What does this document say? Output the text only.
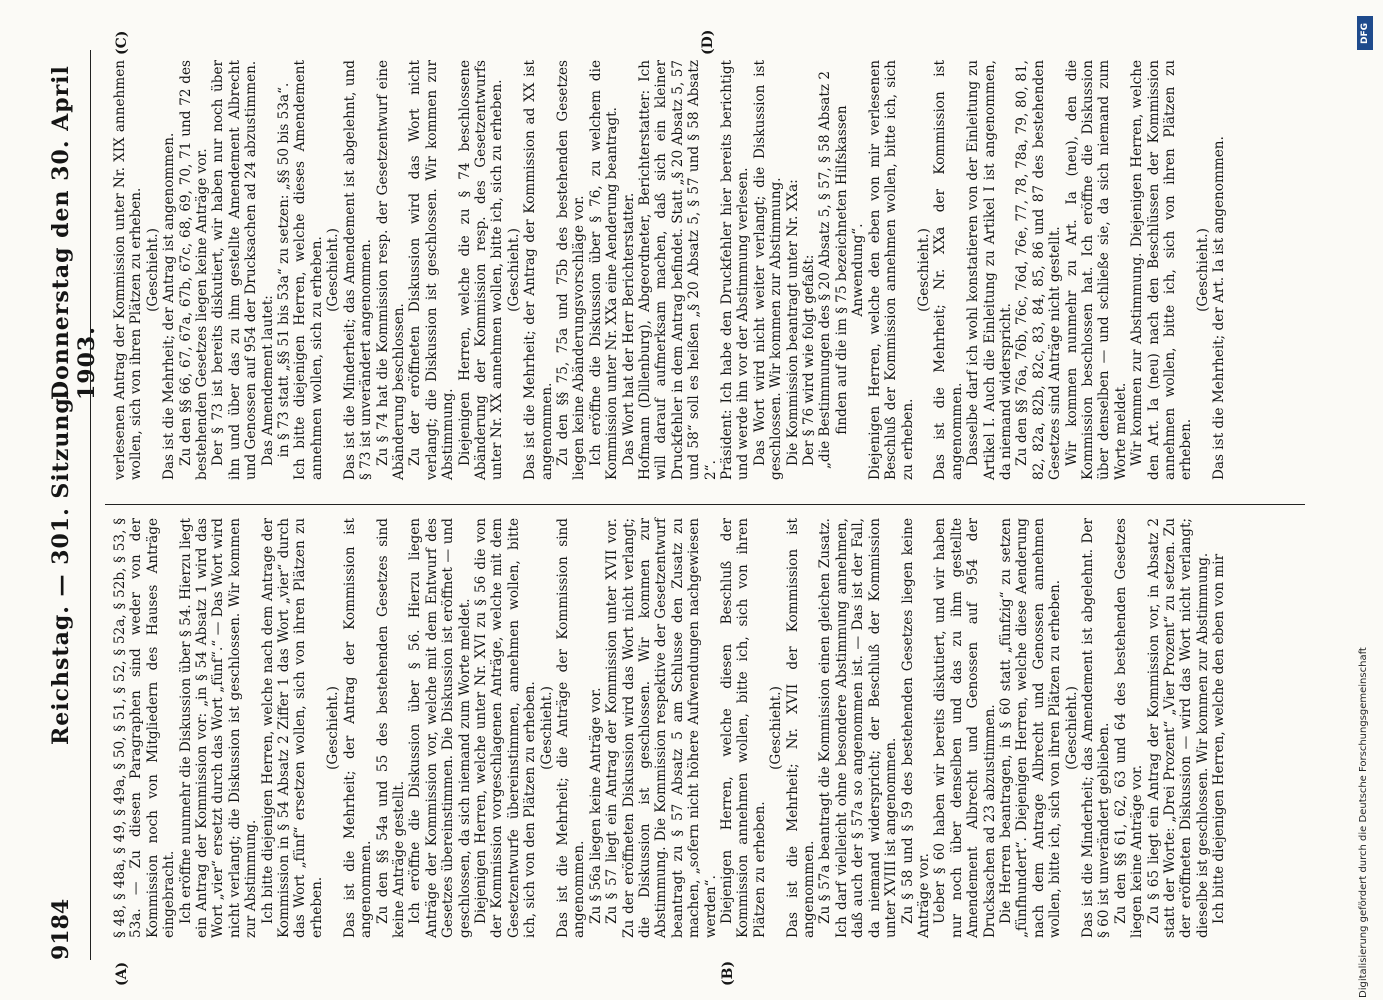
9184
Reichstag. — 301. Sitzung.
Donnerstag den 30. April 1903.
(A)	(B)
(C)	(D)

§ 48, § 48a, § 49, § 49a, § 50, § 51, § 52, § 52a, § 52b, § 53, § 53a. — Zu diesen Paragraphen sind weder von der Kommission noch von Mitgliedern des Hauses Anträge eingebracht. Ich eröffne nunmehr die Diskussion über § 54. Hierzu liegt ein Antrag der Kommission vor: „in § 54 Absatz 1 wird das Wort „vier“ ersetzt durch das Wort „fünf“.“ — Das Wort wird nicht verlangt; die Diskussion ist geschlossen. Wir kommen zur Abstimmung. Ich bitte diejenigen Herren, welche nach dem Antrage der Kommission in § 54 Absatz 2 Ziffer 1 das Wort „vier“ durch das Wort „fünf“ ersetzen wollen, sich von ihren Plätzen zu erheben.

(Geschieht.) Das ist die Mehrheit; der Antrag der Kommission ist angenommen. Zu den §§ 54a und 55 des bestehenden Gesetzes sind keine Anträge gestellt. Ich eröffne die Diskussion über § 56. Hierzu liegen Anträge der Kommission vor, welche mit dem Entwurf des Gesetzes übereinstimmen. Die Diskussion ist eröffnet — und geschlossen, da sich niemand zum Worte meldet. Diejenigen Herren, welche unter Nr. XVI zu § 56 die von der Kommission vorgeschlagenen Anträge, welche mit dem Gesetzentwurfe übereinstimmen, annehmen wollen, bitte ich, sich von den Plätzen zu erheben. (Geschieht.) Das ist die Mehrheit; die Anträge der Kommission sind angenommen. Zu § 56a liegen keine Anträge vor. Zu § 57 liegt ein Antrag der Kommission unter XVII vor. Zu der eröffneten Diskussion wird das Wort nicht verlangt; die Diskussion ist geschlossen. Wir kommen zur Abstimmung. Die Kommission respektive der Gesetzentwurf beantragt zu § 57 Absatz 5 am Schlusse den Zusatz zu machen, „sofern nicht höhere Aufwendungen nachgewiesen werden“. Diejenigen Herren, welche diesen Beschluß der Kommission annehmen wollen, bitte ich, sich von ihren Plätzen zu erheben.

(Geschieht.) Das ist die Mehrheit; Nr. XVII der Kommission ist angenommen. Zu § 57a beantragt die Kommission einen gleichen Zusatz. Ich darf vielleicht ohne besondere Abstimmung annehmen, daß auch der § 57a so angenommen ist. — Das ist der Fall, da niemand widerspricht; der Beschluß der Kommission unter XVIII ist angenommen. Zu § 58 und § 59 des bestehenden Gesetzes liegen keine Anträge vor. Ueber § 60 haben wir bereits diskutiert, und wir haben nur noch über denselben und das zu ihm gestellte Amendement Albrecht und Genossen auf 954 der Drucksachen ad 23 abzustimmen. Die Herren beantragen, in § 60 statt „fünfzig“ zu setzen „fünfhundert“. Diejenigen Herren, welche diese Aenderung nach dem Antrage Albrecht und Genossen annehmen wollen, bitte ich, sich von ihren Plätzen zu erheben. (Geschieht.) Das ist die Minderheit; das Amendement ist abgelehnt. Der § 60 ist unverändert geblieben. Zu den §§ 61, 62, 63 und 64 des bestehenden Gesetzes liegen keine Anträge vor. Zu § 65 liegt ein Antrag der Kommission vor, in Absatz 2 statt der Worte: „Drei Prozent“ „Vier Prozent“ zu setzen. Zu der eröffneten Diskussion — wird das Wort nicht verlangt; dieselbe ist geschlossen. Wir kommen zur Abstimmung. Ich bitte diejenigen Herren, welche den eben von mir

verlesenen Antrag der Kommission unter Nr. XIX annehmen wollen, sich von ihren Plätzen zu erheben. (Geschieht.) Das ist die Mehrheit; der Antrag ist angenommen. Zu den §§ 66, 67, 67a, 67b, 67c, 68, 69, 70, 71 und 72 des bestehenden Gesetzes liegen keine Anträge vor. Der § 73 ist bereits diskutiert, wir haben nur noch über ihn und über das zu ihm gestellte Amendement Albrecht und Genossen auf 954 der Drucksachen ad 24 abzustimmen. Das Amendement lautet: in § 73 statt „§§ 51 bis 53a“ zu setzen: „§§ 50 bis 53a“. Ich bitte diejenigen Herren, welche dieses Amendement annehmen wollen, sich zu erheben. (Geschieht.) Das ist die Minderheit; das Amendement ist abgelehnt, und § 73 ist unverändert angenommen. Zu § 74 hat die Kommission resp. der Gesetzentwurf eine Abänderung beschlossen. Zu der eröffneten Diskussion wird das Wort nicht verlangt; die Diskussion ist geschlossen. Wir kommen zur Abstimmung. Diejenigen Herren, welche die zu § 74 beschlossene Abänderung der Kommission resp. des Gesetzentwurfs unter Nr. XX annehmen wollen, bitte ich, sich zu erheben. (Geschieht.) Das ist die Mehrheit; der Antrag der Kommission ad XX ist angenommen. Zu den §§ 75, 75a und 75b des bestehenden Gesetzes liegen keine Abänderungsvorschläge vor. Ich eröffne die Diskussion über § 76, zu welchem die Kommission unter Nr. XXa eine Aenderung beantragt. Das Wort hat der Herr Berichterstatter. Hofmann (Dillenburg), Abgeordneter, Berichterstatter: Ich will darauf aufmerksam machen, daß sich ein kleiner Druckfehler in dem Antrag befindet. Statt „§ 20 Absatz 5, 57 und 58“ soll es heißen „§ 20 Absatz 5, § 57 und § 58 Absatz 2“. Präsident: Ich habe den Druckfehler hier bereits berichtigt und werde ihn vor der Abstimmung verlesen. Das Wort wird nicht weiter verlangt; die Diskussion ist geschlossen. Wir kommen zur Abstimmung. Die Kommission beantragt unter Nr. XXa: Der § 76 wird wie folgt gefaßt: „die Bestimmungen des § 20 Absatz 5, § 57, § 58 Absatz 2 finden auf die im § 75 bezeichneten Hilfskassen Anwendung“. Diejenigen Herren, welche den eben von mir verlesenen Beschluß der Kommission annehmen wollen, bitte ich, sich zu erheben.

(Geschieht.) Das ist die Mehrheit; Nr. XXa der Kommission ist angenommen. Dasselbe darf ich wohl konstatieren von der Einleitung zu Artikel I. Auch die Einleitung zu Artikel I ist angenommen, da niemand widerspricht. Zu den §§ 76a, 76b, 76c, 76d, 76e, 77, 78, 78a, 79, 80, 81, 82, 82a, 82b, 82c, 83, 84, 85, 86 und 87 des bestehenden Gesetzes sind Anträge nicht gestellt. Wir kommen nunmehr zu Art. Ia (neu), den die Kommission beschlossen hat. Ich eröffne die Diskussion über denselben — und schließe sie, da sich niemand zum Worte meldet. Wir kommen zur Abstimmung. Diejenigen Herren, welche den Art. Ia (neu) nach den Beschlüssen der Kommission annehmen wollen, bitte ich, sich von ihren Plätzen zu erheben.

(Geschieht.) Das ist die Mehrheit; der Art. Ia ist angenommen.

DFG
Digitalisierung gefördert durch die Deutsche Forschungsgemeinschaft
